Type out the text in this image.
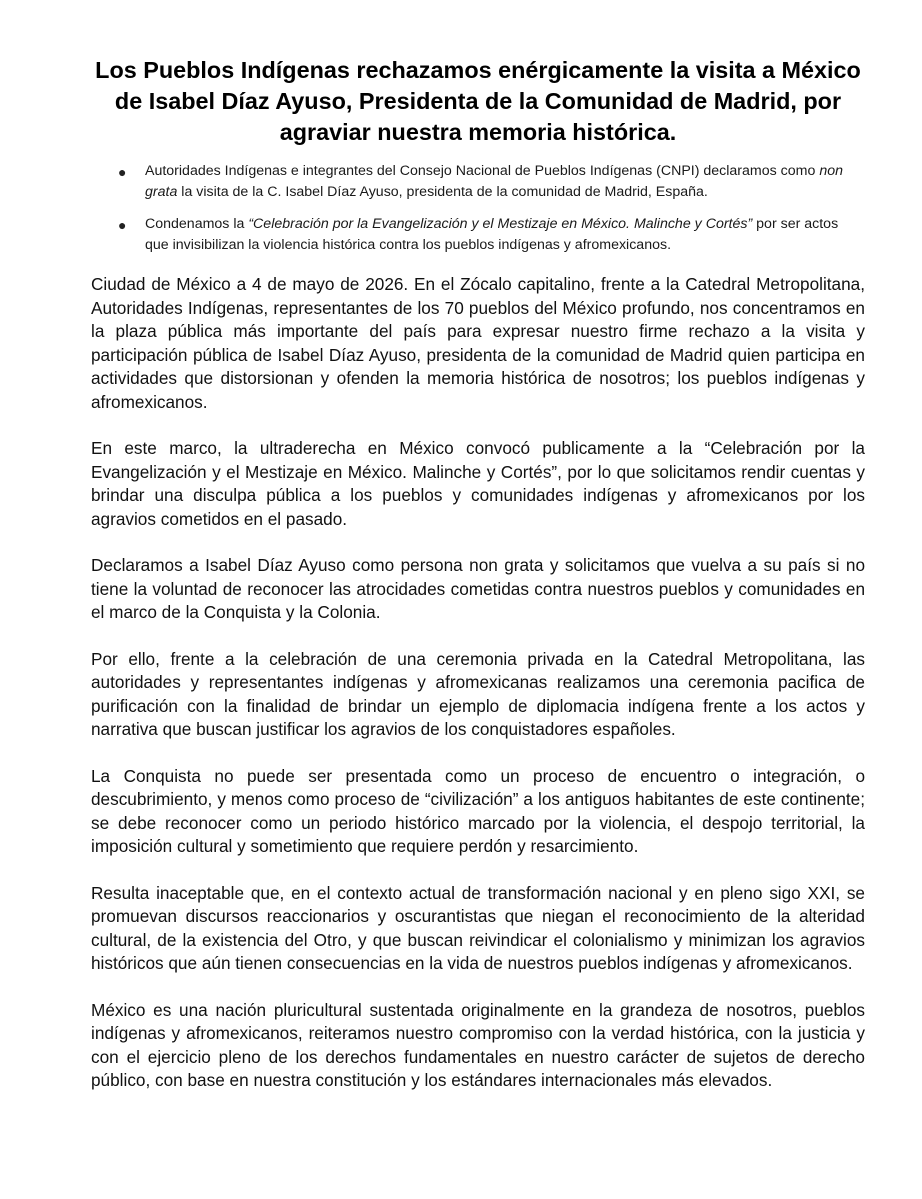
Los Pueblos Indígenas rechazamos enérgicamente la visita a México de Isabel Díaz Ayuso, Presidenta de la Comunidad de Madrid, por agraviar nuestra memoria histórica.
● Autoridades Indígenas e integrantes del Consejo Nacional de Pueblos Indígenas (CNPI) declaramos como non grata la visita de la C. Isabel Díaz Ayuso, presidenta de la comunidad de Madrid, España.
● Condenamos la “Celebración por la Evangelización y el Mestizaje en México. Malinche y Cortés” por ser actos que invisibilizan la violencia histórica contra los pueblos indígenas y afromexicanos.

Ciudad de México a 4 de mayo de 2026. En el Zócalo capitalino, frente a la Catedral Metropolitana, Autoridades Indígenas, representantes de los 70 pueblos del México profundo, nos concentramos en la plaza pública más importante del país para expresar nuestro firme rechazo a la visita y participación pública de Isabel Díaz Ayuso, presidenta de la comunidad de Madrid quien participa en actividades que distorsionan y ofenden la memoria histórica de nosotros; los pueblos indígenas y afromexicanos.

En este marco, la ultraderecha en México convocó publicamente a la “Celebración por la Evangelización y el Mestizaje en México. Malinche y Cortés”, por lo que solicitamos rendir cuentas y brindar una disculpa pública a los pueblos y comunidades indígenas y afromexicanos por los agravios cometidos en el pasado.

Declaramos a Isabel Díaz Ayuso como persona non grata y solicitamos que vuelva a su país si no tiene la voluntad de reconocer las atrocidades cometidas contra nuestros pueblos y comunidades en el marco de la Conquista y la Colonia.

Por ello, frente a la celebración de una ceremonia privada en la Catedral Metropolitana, las autoridades y representantes indígenas y afromexicanas realizamos una ceremonia pacifica de purificación con la finalidad de brindar un ejemplo de diplomacia indígena frente a los actos y narrativa que buscan justificar los agravios de los conquistadores españoles.

La Conquista no puede ser presentada como un proceso de encuentro o integración, o descubrimiento, y menos como proceso de “civilización” a los antiguos habitantes de este continente; se debe reconocer como un periodo histórico marcado por la violencia, el despojo territorial, la imposición cultural y sometimiento que requiere perdón y resarcimiento.

Resulta inaceptable que, en el contexto actual de transformación nacional y en pleno sigo XXI, se promuevan discursos reaccionarios y oscurantistas que niegan el reconocimiento de la alteridad cultural, de la existencia del Otro, y que buscan reivindicar el colonialismo y minimizan los agravios históricos que aún tienen consecuencias en la vida de nuestros pueblos indígenas y afromexicanos.

México es una nación pluricultural sustentada originalmente en la grandeza de nosotros, pueblos indígenas y afromexicanos, reiteramos nuestro compromiso con la verdad histórica, con la justicia y con el ejercicio pleno de los derechos fundamentales en nuestro carácter de sujetos de derecho público, con base en nuestra constitución y los estándares internacionales más elevados.
